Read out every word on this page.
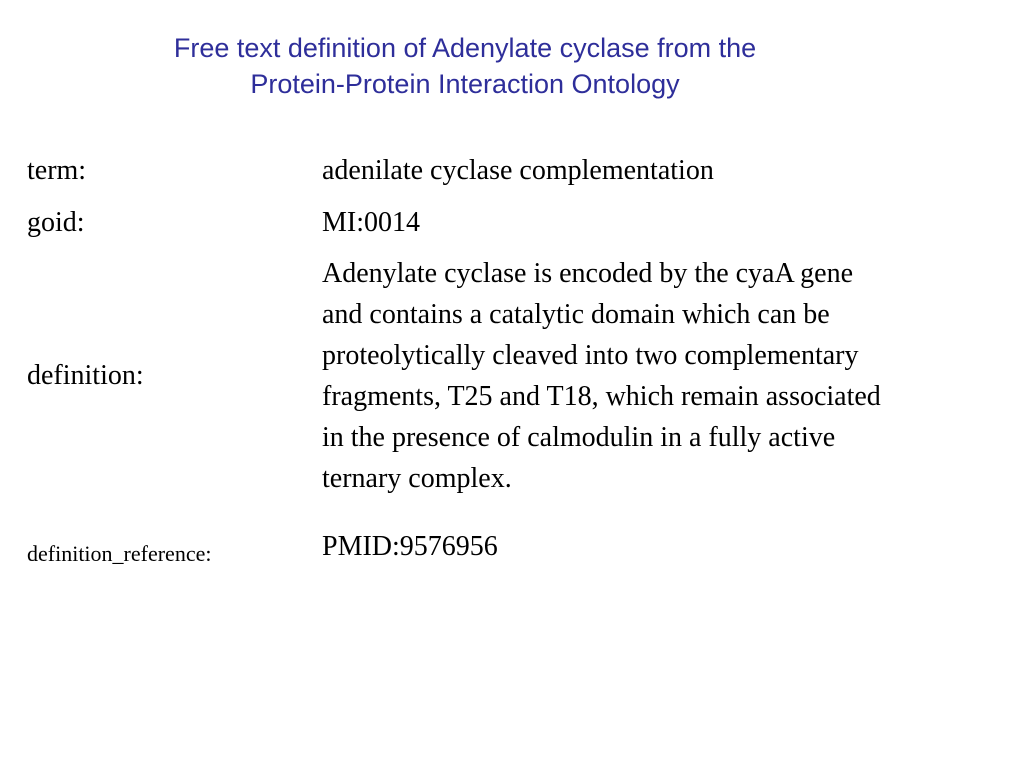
Free text definition of Adenylate cyclase from the
Protein-Protein Interaction Ontology
term:	adenilate cyclase complementation
goid:	MI:0014
definition:
Adenylate cyclase is encoded by the cyaA gene
and contains a catalytic domain which can be
proteolytically cleaved into two complementary
fragments, T25 and T18, which remain associated
in the presence of calmodulin in a fully active
ternary complex.
definition_reference:	PMID:9576956
